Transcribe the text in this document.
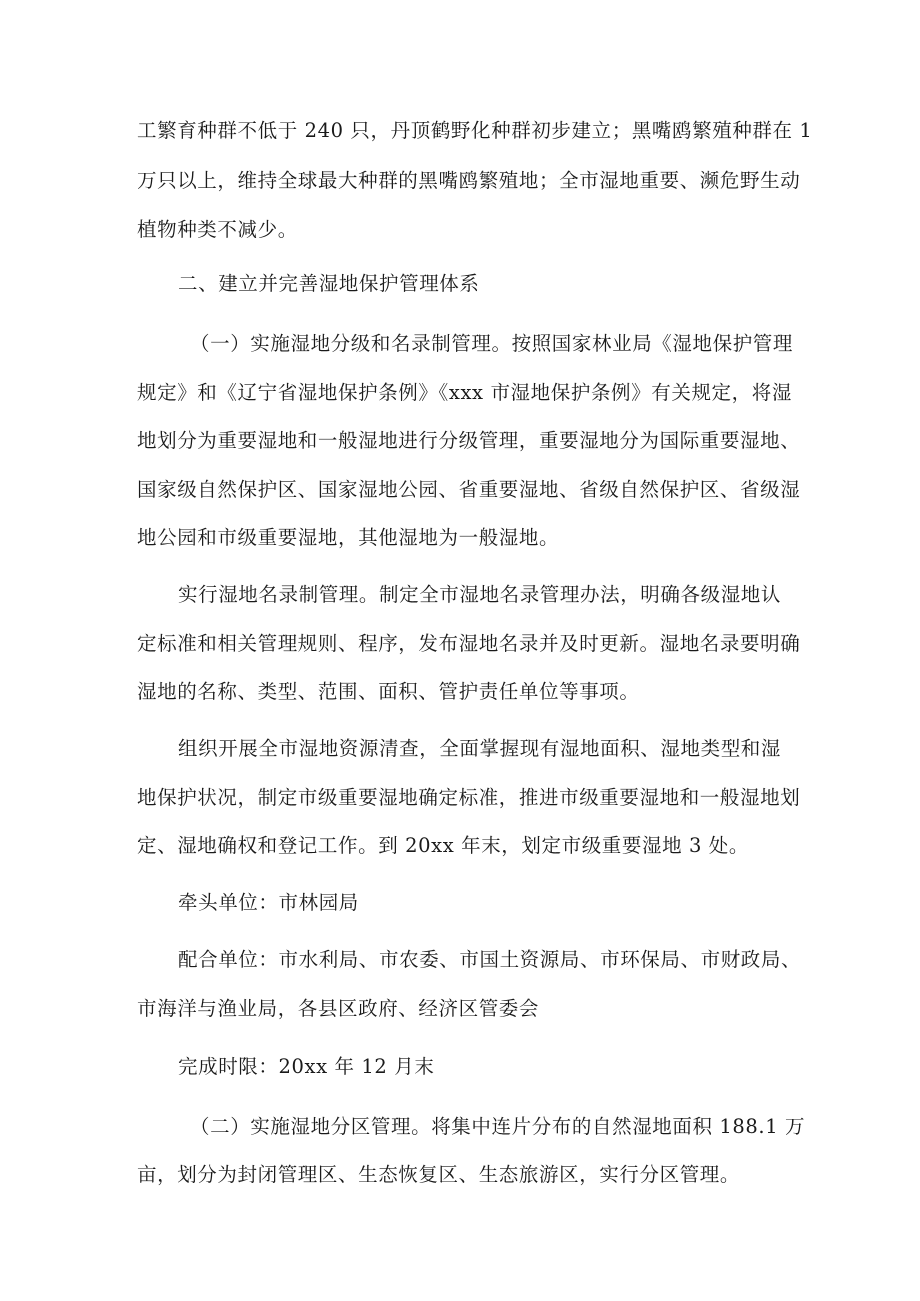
工繁育种群不低于 240 只，丹顶鹤野化种群初步建立；黑嘴鸥繁殖种群在 1
万只以上，维持全球最大种群的黑嘴鸥繁殖地；全市湿地重要、濒危野生动
植物种类不减少。
二、建立并完善湿地保护管理体系
（一）实施湿地分级和名录制管理。按照国家林业局《湿地保护管理
规定》和《辽宁省湿地保护条例》《xxx 市湿地保护条例》有关规定，将湿
地划分为重要湿地和一般湿地进行分级管理，重要湿地分为国际重要湿地、
国家级自然保护区、国家湿地公园、省重要湿地、省级自然保护区、省级湿
地公园和市级重要湿地，其他湿地为一般湿地。
实行湿地名录制管理。制定全市湿地名录管理办法，明确各级湿地认
定标准和相关管理规则、程序，发布湿地名录并及时更新。湿地名录要明确
湿地的名称、类型、范围、面积、管护责任单位等事项。
组织开展全市湿地资源清查，全面掌握现有湿地面积、湿地类型和湿
地保护状况，制定市级重要湿地确定标准，推进市级重要湿地和一般湿地划
定、湿地确权和登记工作。到 20xx 年末，划定市级重要湿地 3 处。
牵头单位：市林园局
配合单位：市水利局、市农委、市国土资源局、市环保局、市财政局、
市海洋与渔业局，各县区政府、经济区管委会
完成时限：20xx 年 12 月末
（二）实施湿地分区管理。将集中连片分布的自然湿地面积 188.1 万
亩，划分为封闭管理区、生态恢复区、生态旅游区，实行分区管理。
